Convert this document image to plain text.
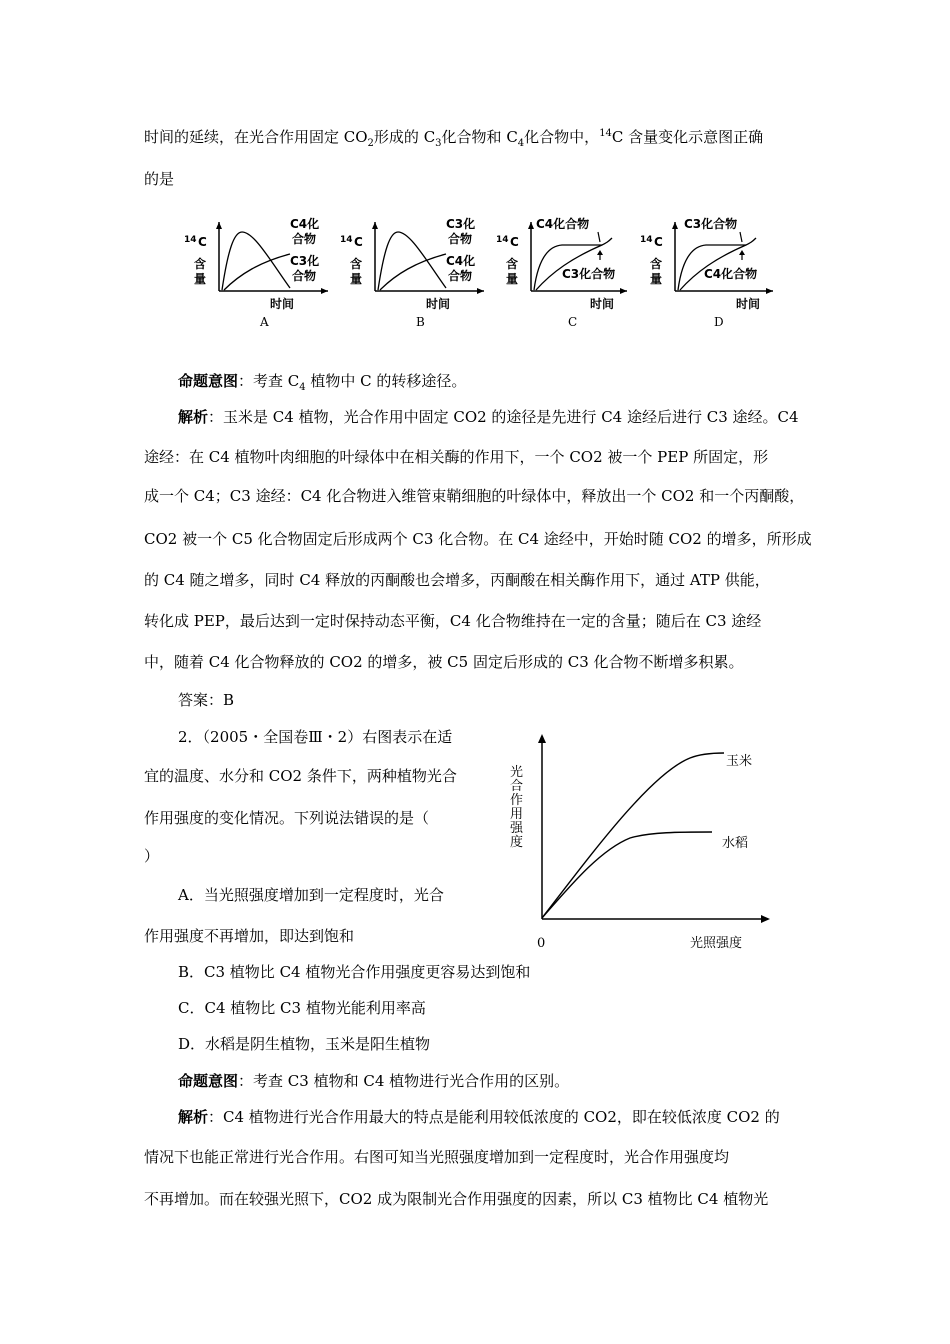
时间的延续，在光合作用固定 $CO_2$形成的 $C_3$化合物和 $C_4$化合物中，$^{14}$C 含量变化示意图正确
的是
14 C
含
量
C4化
合物
C3化
合物
时间
A
14 C
含
量
C3化
合物
C4化
合物
时间
B
14 C
含
量
C4化合物
C3化合物
时间
C
14 C
含
量
C3化合物
C4化合物
时间
D
命题意图：考查 $C_4$ 植物中 C 的转移途径。
解析：玉米是 C4 植物，光合作用中固定 CO2 的途径是先进行 C4 途经后进行 C3 途经。C4
途经：在 C4 植物叶肉细胞的叶绿体中在相关酶的作用下，一个 CO2 被一个 PEP 所固定，形
成一个 C4；C3 途经：C4 化合物进入维管束鞘细胞的叶绿体中，释放出一个 CO2 和一个丙酮酸，
CO2 被一个 C5 化合物固定后形成两个 C3 化合物。在 C4 途经中，开始时随 CO2 的增多，所形成
的 C4 随之增多，同时 C4 释放的丙酮酸也会增多，丙酮酸在相关酶作用下，通过 ATP 供能，
转化成 PEP，最后达到一定时保持动态平衡，C4 化合物维持在一定的含量；随后在 C3 途经
中，随着 C4 化合物释放的 CO2 的增多，被 C5 固定后形成的 C3 化合物不断增多积累。
答案：B
2．（2005・全国卷Ⅲ・2）右图表示在适
宜的温度、水分和 CO2 条件下，两种植物光合
作用强度的变化情况。下列说法错误的是（
）
A．当光照强度增加到一定程度时，光合
作用强度不再增加，即达到饱和
B．C3 植物比 C4 植物光合作用强度更容易达到饱和
C．C4 植物比 C3 植物光能利用率高
D．水稻是阴生植物，玉米是阳生植物
光
合
作
用
强
度
玉米
水稻
0	光照强度
命题意图：考查 C3 植物和 C4 植物进行光合作用的区别。
解析：C4 植物进行光合作用最大的特点是能利用较低浓度的 CO2，即在较低浓度 CO2 的
情况下也能正常进行光合作用。右图可知当光照强度增加到一定程度时，光合作用强度均
不再增加。而在较强光照下，CO2 成为限制光合作用强度的因素，所以 C3 植物比 C4 植物光
